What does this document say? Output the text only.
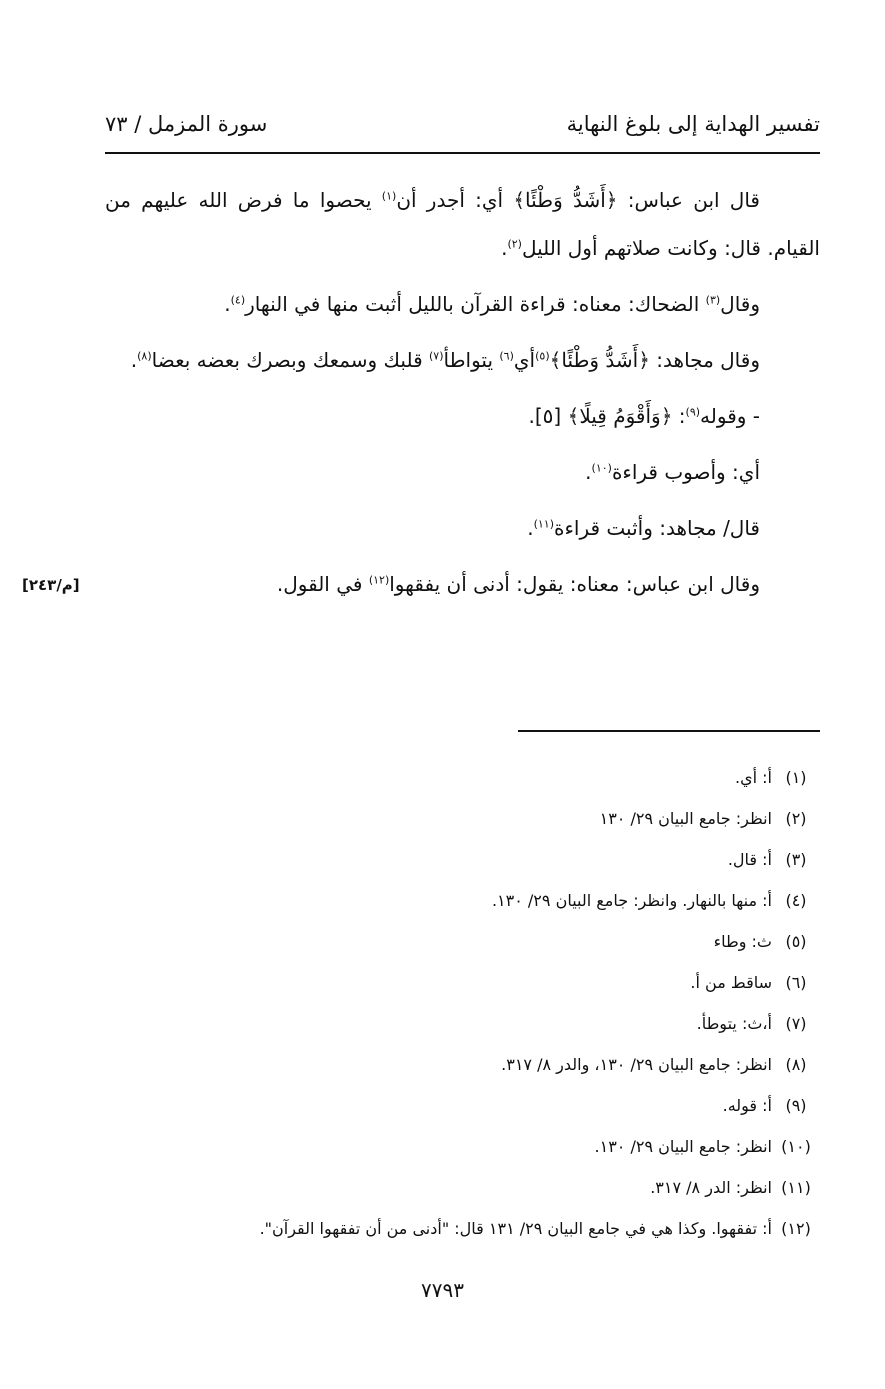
تفسير الهداية إلى بلوغ النهاية
سورة المزمل / ٧٣

قال ابن عباس: ﴿أَشَدُّ وَطْئًا﴾ أي: أجدر أن$^{(١)}$ يحصوا ما فرض الله عليهم من القيام. قال: وكانت صلاتهم أول الليل$^{(٢)}$.

وقال$^{(٣)}$ الضحاك: معناه: قراءة القرآن بالليل أثبت منها في النهار$^{(٤)}$.

وقال مجاهد: ﴿أَشَدُّ وَطْئًا﴾$^{(٥)}$أي$^{(٦)}$ يتواطأ$^{(٧)}$ قلبك وسمعك وبصرك بعضه بعضا$^{(٨)}$.

- وقوله$^{(٩)}$: ﴿وَأَقْوَمُ قِيلًا﴾ [٥].

أي: وأصوب قراءة$^{(١٠)}$.

قال/ مجاهد: وأثبت قراءة$^{(١١)}$.

وقال ابن عباس: معناه: يقول: أدنى أن يفقهوا$^{(١٢)}$ في القول.

[م/٢٤٣]
(١)
أ: أي.
(٢)
انظر: جامع البيان ٢٩/ ١٣٠
(٣)
أ: قال.
(٤)
أ: منها بالنهار. وانظر: جامع البيان ٢٩/ ١٣٠.
(٥)
ث: وطاء
(٦)
ساقط من أ.
(٧)
أ،ث: يتوطأ.
(٨)
انظر: جامع البيان ٢٩/ ١٣٠، والدر ٨/ ٣١٧.
(٩)
أ: قوله.
(١٠)
انظر: جامع البيان ٢٩/ ١٣٠.
(١١)
انظر: الدر ٨/ ٣١٧.
(١٢)
أ: تفقهوا. وكذا هي في جامع البيان ٢٩/ ١٣١ قال: "أدنى من أن تفقهوا القرآن".
٧٧٩٣
